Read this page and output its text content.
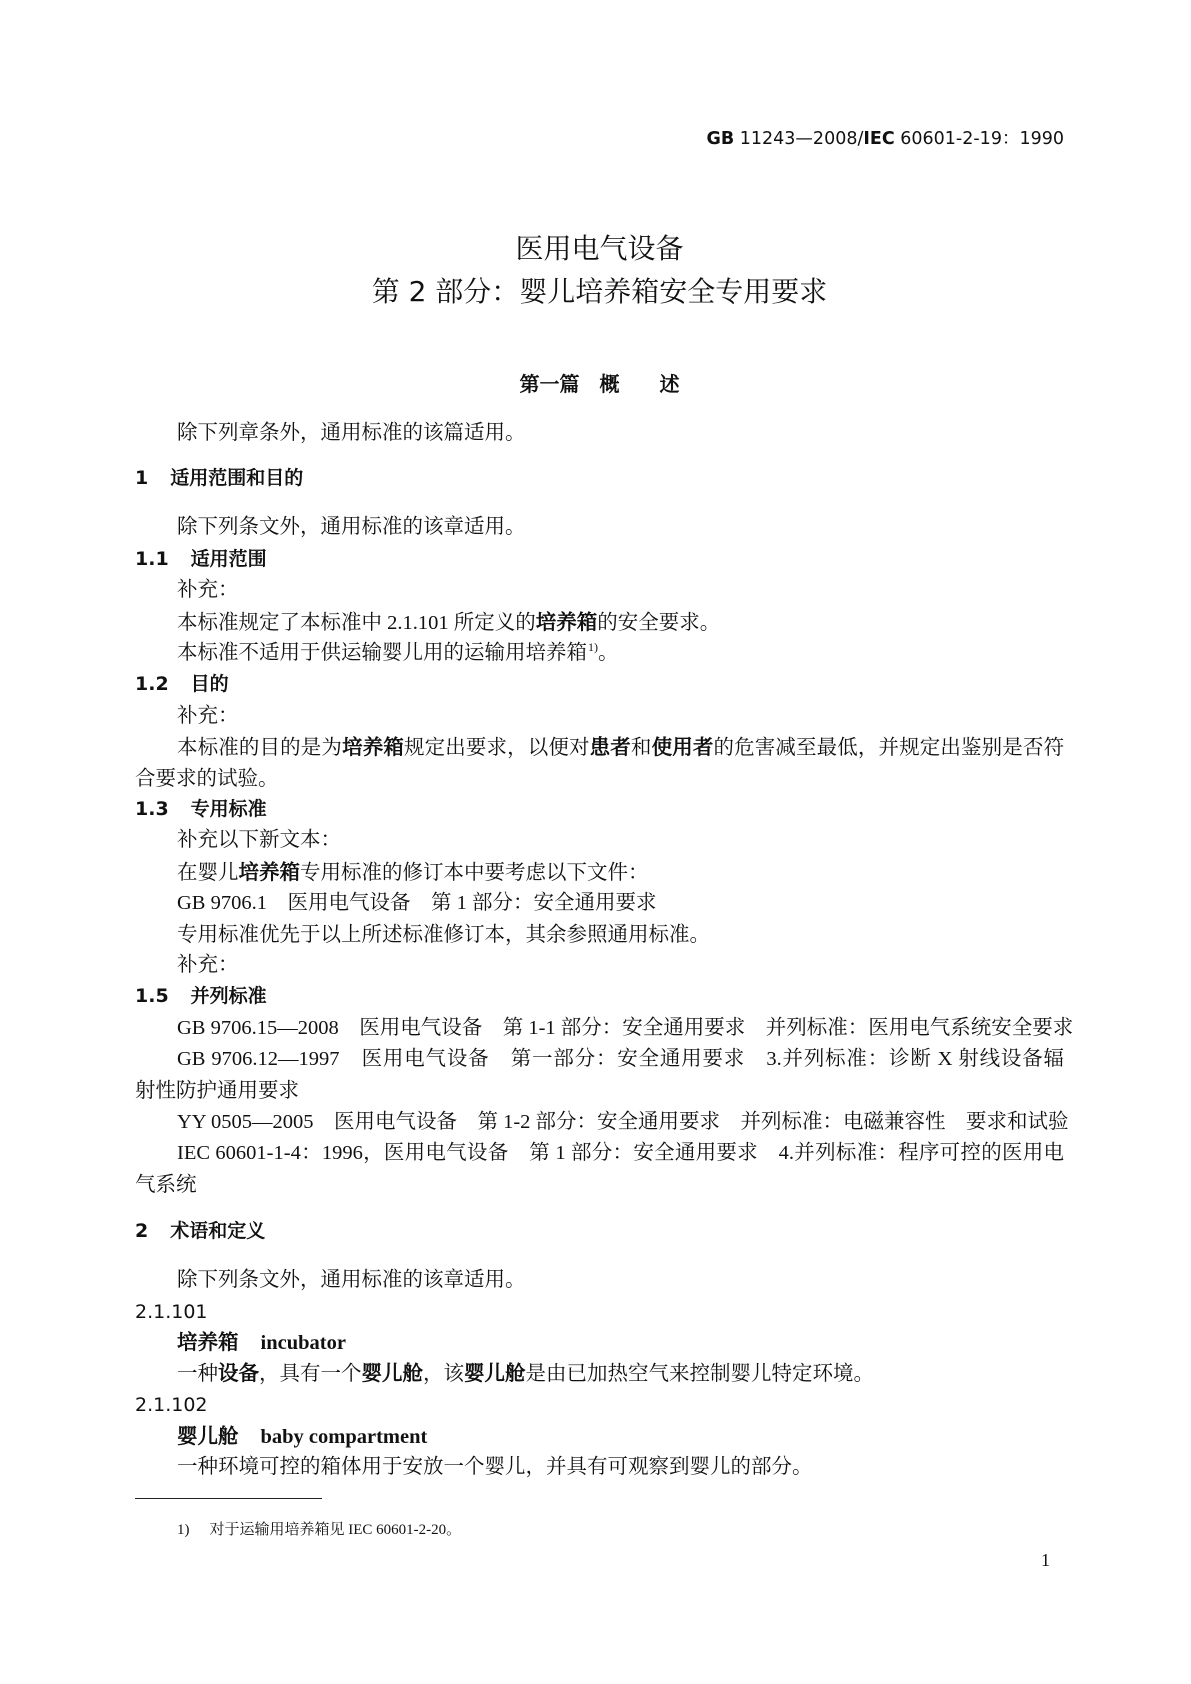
GB 11243—2008/IEC 60601-2-19：1990
医用电气设备
第 2 部分：婴儿培养箱安全专用要求
第一篇　概　　述
除下列章条外，通用标准的该篇适用。
1 适用范围和目的
除下列条文外，通用标准的该章适用。
1.1 适用范围
补充：
本标准规定了本标准中 2.1.101 所定义的培养箱的安全要求。
本标准不适用于供运输婴儿用的运输用培养箱$^{1)}$。
1.2 目的
补充：
本标准的目的是为培养箱规定出要求，以便对患者和使用者的危害减至最低，并规定出鉴别是否符
合要求的试验。
1.3 专用标准
补充以下新文本：
在婴儿培养箱专用标准的修订本中要考虑以下文件：
GB 9706.1　医用电气设备　第 1 部分：安全通用要求
专用标准优先于以上所述标准修订本，其余参照通用标准。
补充：
1.5 并列标准
GB 9706.15—2008　医用电气设备　第 1-1 部分：安全通用要求　并列标准：医用电气系统安全要求
GB 9706.12—1997　医用电气设备　第一部分：安全通用要求　3.并列标准：诊断 X 射线设备辐
射性防护通用要求
YY 0505—2005　医用电气设备　第 1-2 部分：安全通用要求　并列标准：电磁兼容性　要求和试验
IEC 60601-1-4：1996，医用电气设备　第 1 部分：安全通用要求　4.并列标准：程序可控的医用电
气系统
2 术语和定义
除下列条文外，通用标准的该章适用。
2.1.101
培养箱 incubator
一种设备，具有一个婴儿舱，该婴儿舱是由已加热空气来控制婴儿特定环境。
2.1.102
婴儿舱 baby compartment
一种环境可控的箱体用于安放一个婴儿，并具有可观察到婴儿的部分。
1) 对于运输用培养箱见 IEC 60601-2-20。
1
